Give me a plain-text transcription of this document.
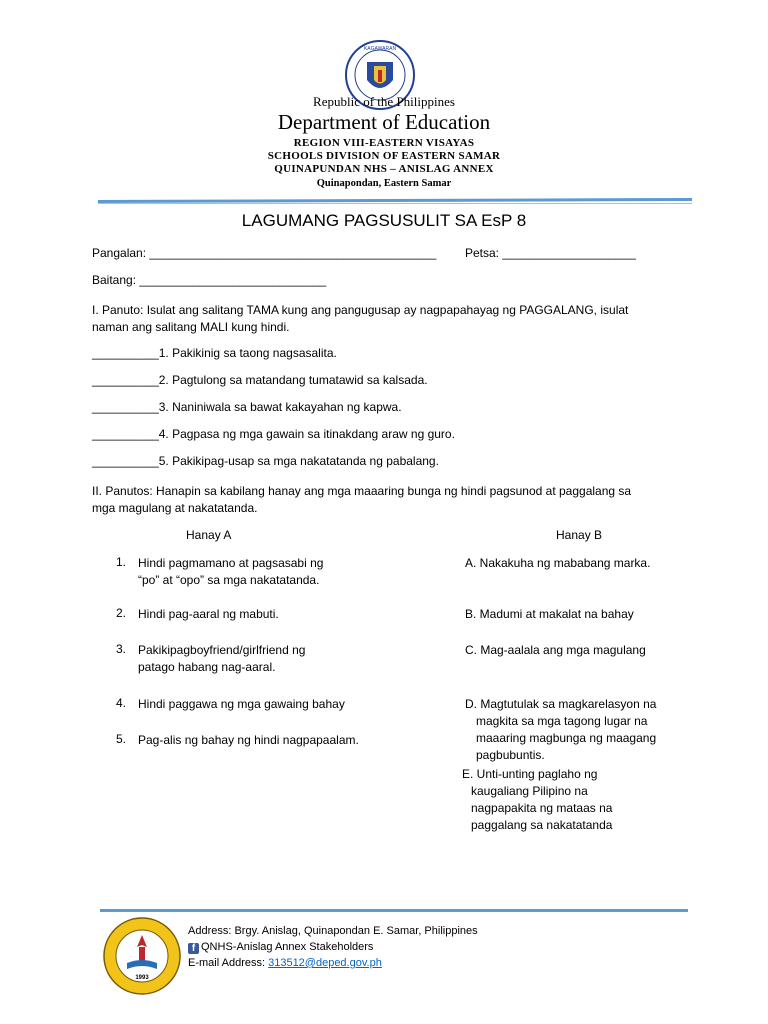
KAGAWARAN
Republic of the Philippines
Department of Education
REGION VIII-EASTERN VISAYAS
SCHOOLS DIVISION OF EASTERN SAMAR
QUINAPUNDAN NHS – ANISLAG ANNEX
Quinapondan, Eastern Samar
LAGUMANG PAGSUSULIT SA EsP 8
Pangalan: ___________________________________________ Petsa: ____________________
Baitang: ____________________________
I. Panuto: Isulat ang salitang TAMA kung ang pangugusap ay nagpapahayag ng PAGGALANG, isulat
naman ang salitang MALI kung hindi.
__________1. Pakikinig sa taong nagsasalita.
__________2. Pagtulong sa matandang tumatawid sa kalsada.
__________3. Naniniwala sa bawat kakayahan ng kapwa.
__________4. Pagpasa ng mga gawain sa itinakdang araw ng guro.
__________5. Pakikipag-usap sa mga nakatatanda ng pabalang.
II. Panutos: Hanapin sa kabilang hanay ang mga maaaring bunga ng hindi pagsunod at paggalang sa
mga magulang at nakatatanda.
Hanay A	Hanay B
1. Hindi pagmamano at pagsasabi ng
“po” at “opo” sa mga nakatatanda.
2. Hindi pag-aaral ng mabuti.
3. Pakikipagboyfriend/girlfriend ng
patago habang nag-aaral.
4. Hindi paggawa ng mga gawaing bahay
5. Pag-alis ng bahay ng hindi nagpapaalam.
A. Nakakuha ng mababang marka.
B. Madumi at makalat na bahay
C. Mag-aalala ang mga magulang
D. Magtutulak sa magkarelasyon na
magkita sa mga tagong lugar na
maaaring magbunga ng maagang
pagbubuntis.
E. Unti-unting paglaho ng
kaugaliang Pilipino na
nagpapakita ng mataas na
paggalang sa nakatatanda
1993
Address: Brgy. Anislag, Quinapondan E. Samar, Philippines
f QNHS-Anislag Annex Stakeholders
E-mail Address: 313512@deped.gov.ph
